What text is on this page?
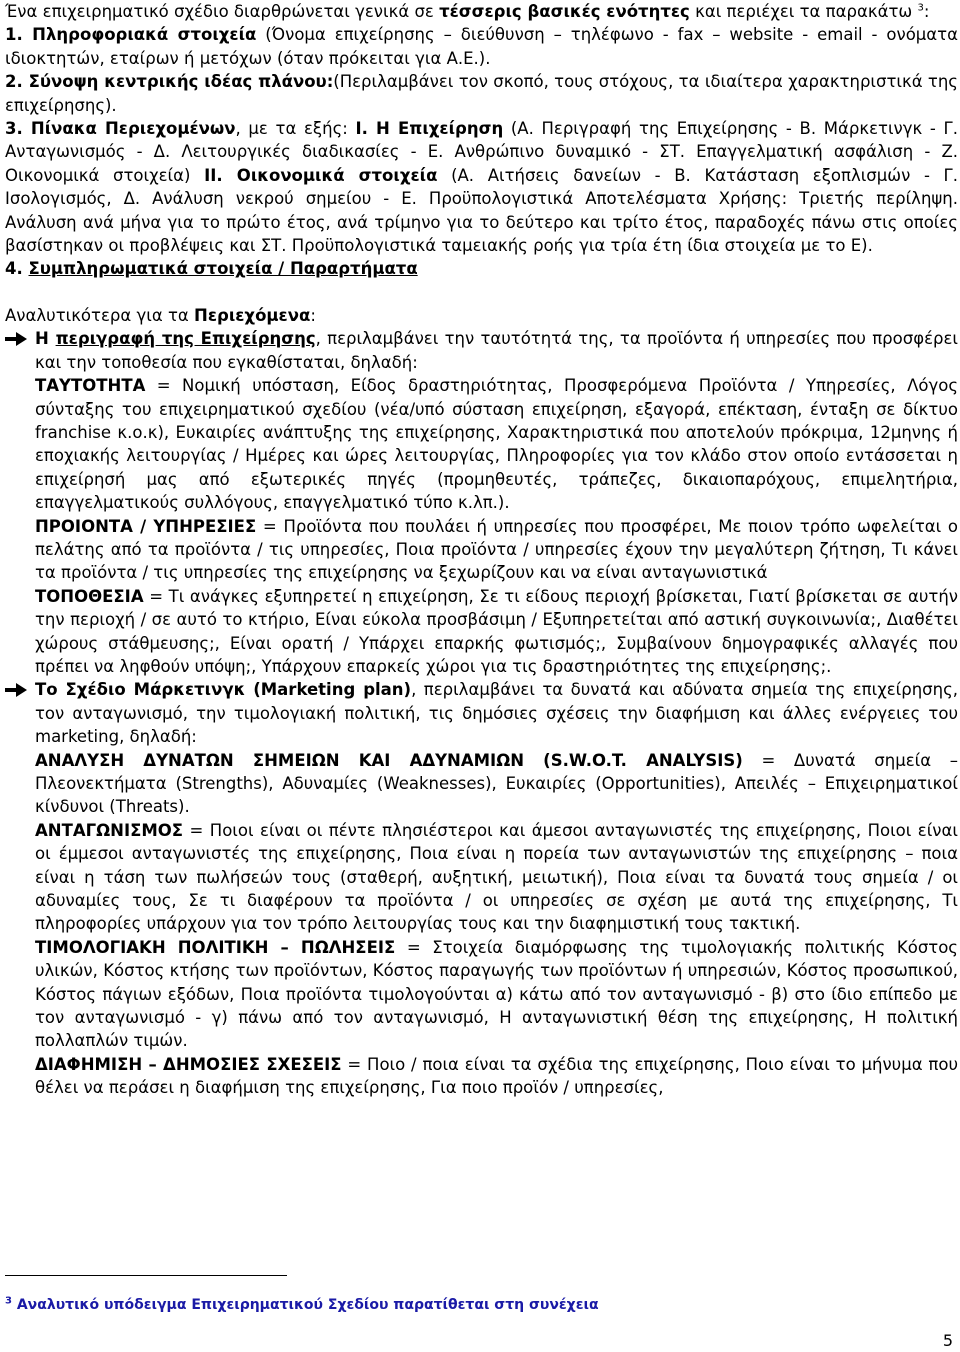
Ένα επιχειρηματικό σχέδιο διαρθρώνεται γενικά σε τέσσερις βασικές ενότητες και περιέχει τα παρακάτω $^3$:

1. Πληροφοριακά στοιχεία (Όνομα επιχείρησης – διεύθυνση – τηλέφωνο - fax – website - email - ονόματα ιδιοκτητών, εταίρων ή μετόχων (όταν πρόκειται για Α.Ε.).

2. Σύνοψη κεντρικής ιδέας πλάνου:(Περιλαμβάνει τον σκοπό, τους στόχους, τα ιδιαίτερα χαρακτηριστικά της επιχείρησης).

3. Πίνακα Περιεχομένων, με τα εξής: I. Η Επιχείρηση (Α. Περιγραφή της Επιχείρησης - Β. Μάρκετινγκ - Γ. Ανταγωνισμός - Δ. Λειτουργικές διαδικασίες - Ε. Ανθρώπινο δυναμικό - ΣΤ. Επαγγελματική ασφάλιση - Ζ. Οικονομικά στοιχεία) II. Οικονομικά στοιχεία (Α. Αιτήσεις δανείων - Β. Κατάσταση εξοπλισμών - Γ. Ισολογισμός, Δ. Ανάλυση νεκρού σημείου - Ε. Προϋπολογιστικά Αποτελέσματα Χρήσης: Τριετής περίληψη. Ανάλυση ανά μήνα για το πρώτο έτος, ανά τρίμηνο για το δεύτερο και τρίτο έτος, παραδοχές πάνω στις οποίες βασίστηκαν οι προβλέψεις και ΣΤ. Προϋπολογιστικά ταμειακής ροής για τρία έτη ίδια στοιχεία με το Ε).

4. Συμπληρωματικά στοιχεία / Παραρτήματα

Αναλυτικότερα για τα Περιεχόμενα:

Η περιγραφή της Επιχείρησης, περιλαμβάνει την ταυτότητά της, τα προϊόντα ή υπηρεσίες που προσφέρει και την τοποθεσία που εγκαθίσταται, δηλαδή:

ΤΑΥΤΟΤΗΤΑ = Νομική υπόσταση, Είδος δραστηριότητας, Προσφερόμενα Προϊόντα / Υπηρεσίες, Λόγος σύνταξης του επιχειρηματικού σχεδίου (νέα/υπό σύσταση επιχείρηση, εξαγορά, επέκταση, ένταξη σε δίκτυο franchise κ.ο.κ), Ευκαιρίες ανάπτυξης της επιχείρησης, Χαρακτηριστικά που αποτελούν πρόκριμα, 12μηνης ή εποχιακής λειτουργίας / Ημέρες και ώρες λειτουργίας, Πληροφορίες για τον κλάδο στον οποίο εντάσσεται η επιχείρησή μας από εξωτερικές πηγές (προμηθευτές, τράπεζες, δικαιοπαρόχους, επιμελητήρια, επαγγελματικούς συλλόγους, επαγγελματικό τύπο κ.λπ.).

ΠΡΟΙΟΝΤΑ / ΥΠΗΡΕΣΙΕΣ = Προϊόντα που πουλάει ή υπηρεσίες που προσφέρει, Με ποιον τρόπο ωφελείται ο πελάτης από τα προϊόντα / τις υπηρεσίες, Ποια προϊόντα / υπηρεσίες έχουν την μεγαλύτερη ζήτηση, Τι κάνει τα προϊόντα / τις υπηρεσίες της επιχείρησης να ξεχωρίζουν και να είναι ανταγωνιστικά

ΤΟΠΟΘΕΣΙΑ = Τι ανάγκες εξυπηρετεί η επιχείρηση, Σε τι είδους περιοχή βρίσκεται, Γιατί βρίσκεται σε αυτήν την περιοχή / σε αυτό το κτήριο, Είναι εύκολα προσβάσιμη / Εξυπηρετείται από αστική συγκοινωνία;, Διαθέτει χώρους στάθμευσης;, Είναι ορατή / Υπάρχει επαρκής φωτισμός;, Συμβαίνουν δημογραφικές αλλαγές που πρέπει να ληφθούν υπόψη;, Υπάρχουν επαρκείς χώροι για τις δραστηριότητες της επιχείρησης;.

Το Σχέδιο Μάρκετινγκ (Marketing plan), περιλαμβάνει τα δυνατά και αδύνατα σημεία της επιχείρησης, τον ανταγωνισμό, την τιμολογιακή πολιτική, τις δημόσιες σχέσεις την διαφήμιση και άλλες ενέργειες του marketing, δηλαδή:

ΑΝΑΛΥΣΗ ΔΥΝΑΤΩΝ ΣΗΜΕΙΩΝ ΚΑΙ ΑΔΥΝΑΜΙΩΝ (S.W.O.T. ANALYSIS) = Δυνατά σημεία – Πλεονεκτήματα (Strengths), Αδυναμίες (Weaknesses), Ευκαιρίες (Opportunities), Απειλές – Επιχειρηματικοί κίνδυνοι (Threats).

ΑΝΤΑΓΩΝΙΣΜΟΣ = Ποιοι είναι οι πέντε πλησιέστεροι και άμεσοι ανταγωνιστές της επιχείρησης, Ποιοι είναι οι έμμεσοι ανταγωνιστές της επιχείρησης, Ποια είναι η πορεία των ανταγωνιστών της επιχείρησης – ποια είναι η τάση των πωλήσεών τους (σταθερή, αυξητική, μειωτική), Ποια είναι τα δυνατά τους σημεία / οι αδυναμίες τους, Σε τι διαφέρουν τα προϊόντα / οι υπηρεσίες σε σχέση με αυτά της επιχείρησης, Τι πληροφορίες υπάρχουν για τον τρόπο λειτουργίας τους και την διαφημιστική τους τακτική.

ΤΙΜΟΛΟΓΙΑΚΗ ΠΟΛΙΤΙΚΗ – ΠΩΛΗΣΕΙΣ = Στοιχεία διαμόρφωσης της τιμολογιακής πολιτικής Κόστος υλικών, Κόστος κτήσης των προϊόντων, Κόστος παραγωγής των προϊόντων ή υπηρεσιών, Κόστος προσωπικού, Κόστος πάγιων εξόδων, Ποια προϊόντα τιμολογούνται α) κάτω από τον ανταγωνισμό - β) στο ίδιο επίπεδο με τον ανταγωνισμό - γ) πάνω από τον ανταγωνισμό, Η ανταγωνιστική θέση της επιχείρησης, Η πολιτική πολλαπλών τιμών.

ΔΙΑΦΗΜΙΣΗ – ΔΗΜΟΣΙΕΣ ΣΧΕΣΕΙΣ = Ποιο / ποια είναι τα σχέδια της επιχείρησης, Ποιο είναι το μήνυμα που θέλει να περάσει η διαφήμιση της επιχείρησης, Για ποιο προϊόν / υπηρεσίες,

$^3$ Αναλυτικό υπόδειγμα Επιχειρηματικού Σχεδίου παρατίθεται στη συνέχεια
5
